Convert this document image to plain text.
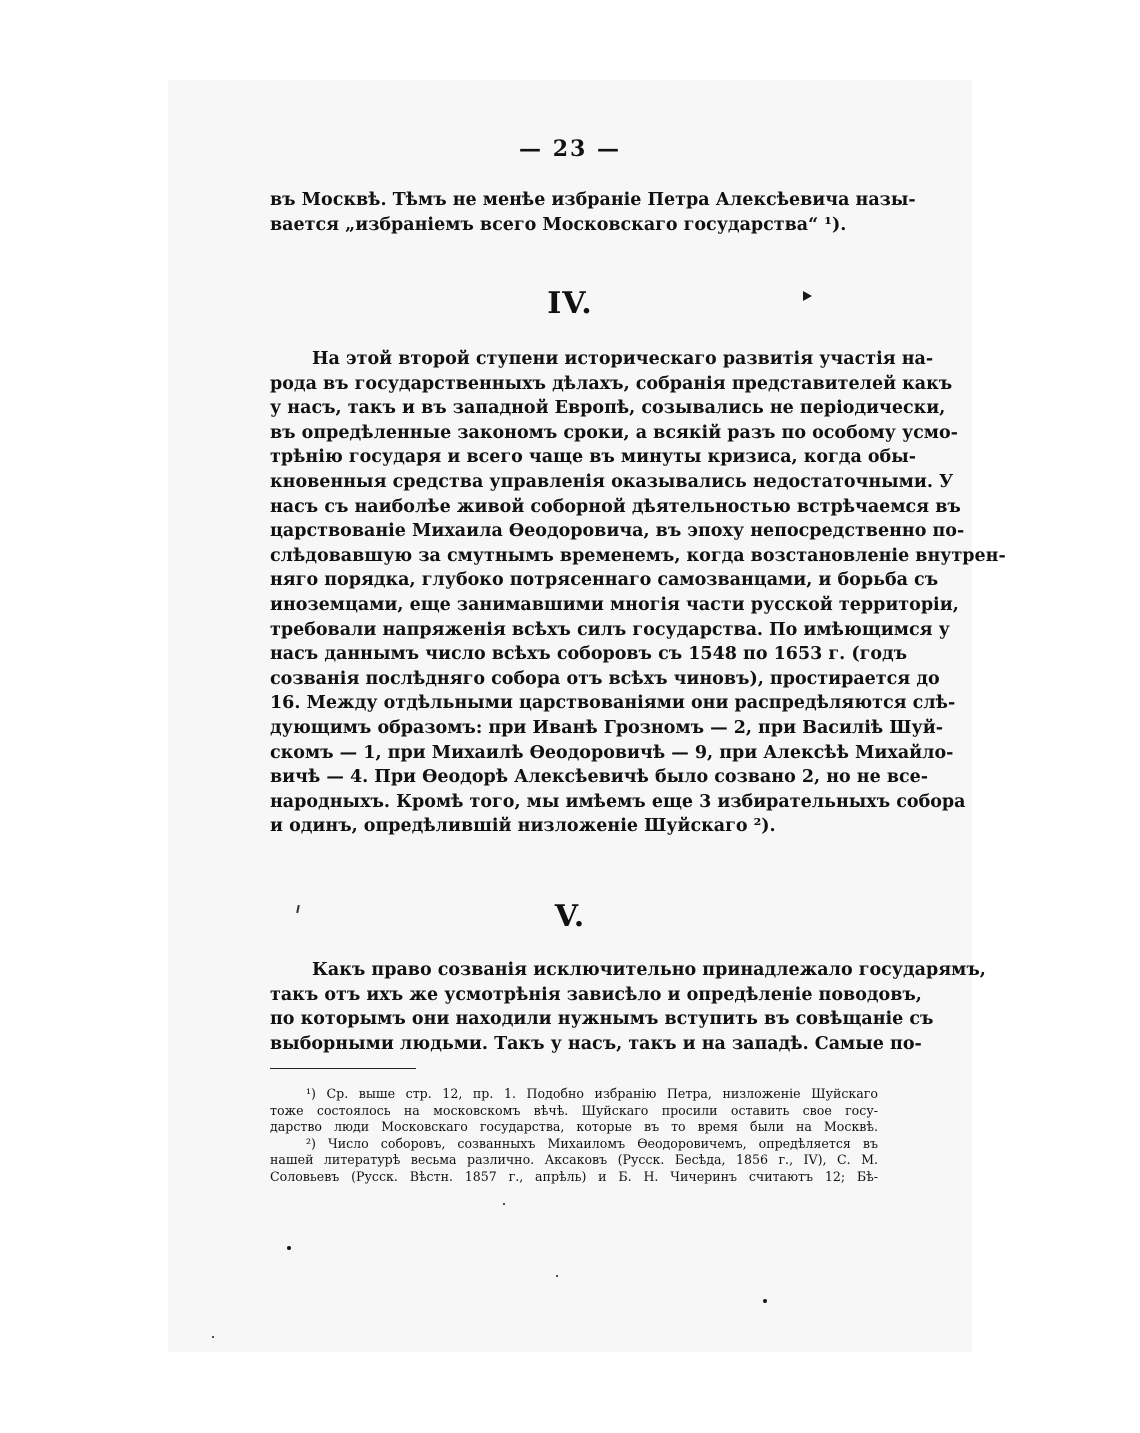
— 23 —
въ Москвѣ. Тѣмъ не менѣе избраніе Петра Алексѣевича назы-
вается „избраніемъ всего Московскаго государства“ ¹).
IV.
На этой второй ступени историческаго развитія участія на-
рода въ государственныхъ дѣлахъ, собранія представителей какъ
у насъ, такъ и въ западной Европѣ, созывались не періодически,
въ опредѣленные закономъ сроки, а всякій разъ по особому усмо-
трѣнію государя и всего чаще въ минуты кризиса, когда обы-
кновенныя средства управленія оказывались недостаточными. У
насъ съ наиболѣе живой соборной дѣятельностью встрѣчаемся въ
царствованіе Михаила Өеодоровича, въ эпоху непосредственно по-
слѣдовавшую за смутнымъ временемъ, когда возстановленіе внутрен-
няго порядка, глубоко потрясеннаго самозванцами, и борьба съ
иноземцами, еще занимавшими многія части русской территоріи,
требовали напряженія всѣхъ силъ государства. По имѣющимся у
насъ даннымъ число всѣхъ соборовъ съ 1548 по 1653 г. (годъ
созванія послѣдняго собора отъ всѣхъ чиновъ), простирается до
16. Между отдѣльными царствованіями они распредѣляются слѣ-
дующимъ образомъ: при Иванѣ Грозномъ — 2, при Василіѣ Шуй-
скомъ — 1, при Михаилѣ Өеодоровичѣ — 9, при Алексѣѣ Михайло-
вичѣ — 4. При Өеодорѣ Алексѣевичѣ было созвано 2, но не все-
народныхъ. Кромѣ того, мы имѣемъ еще 3 избирательныхъ собора
и одинъ, опредѣлившій низложеніе Шуйскаго ²).
V.
Какъ право созванія исключительно принадлежало государямъ,
такъ отъ ихъ же усмотрѣнія зависѣло и опредѣленіе поводовъ,
по которымъ они находили нужнымъ вступить въ совѣщаніе съ
выборными людьми. Такъ у насъ, такъ и на западѣ. Самые по-
¹) Ср. выше стр. 12, пр. 1. Подобно избранію Петра, низложеніе Шуйскаго
тоже состоялось на московскомъ вѣчѣ. Шуйскаго просили оставить свое госу-
дарство люди Московскаго государства, которые въ то время были на Москвѣ.
²) Число соборовъ, созванныхъ Михаиломъ Өеодоровичемъ, опредѣляется въ
нашей литературѣ весьма различно. Аксаковъ (Русск. Бесѣда, 1856 г., IV), С. М.
Соловьевъ (Русск. Вѣстн. 1857 г., апрѣль) и Б. Н. Чичеринъ считаютъ 12; Бѣ-
